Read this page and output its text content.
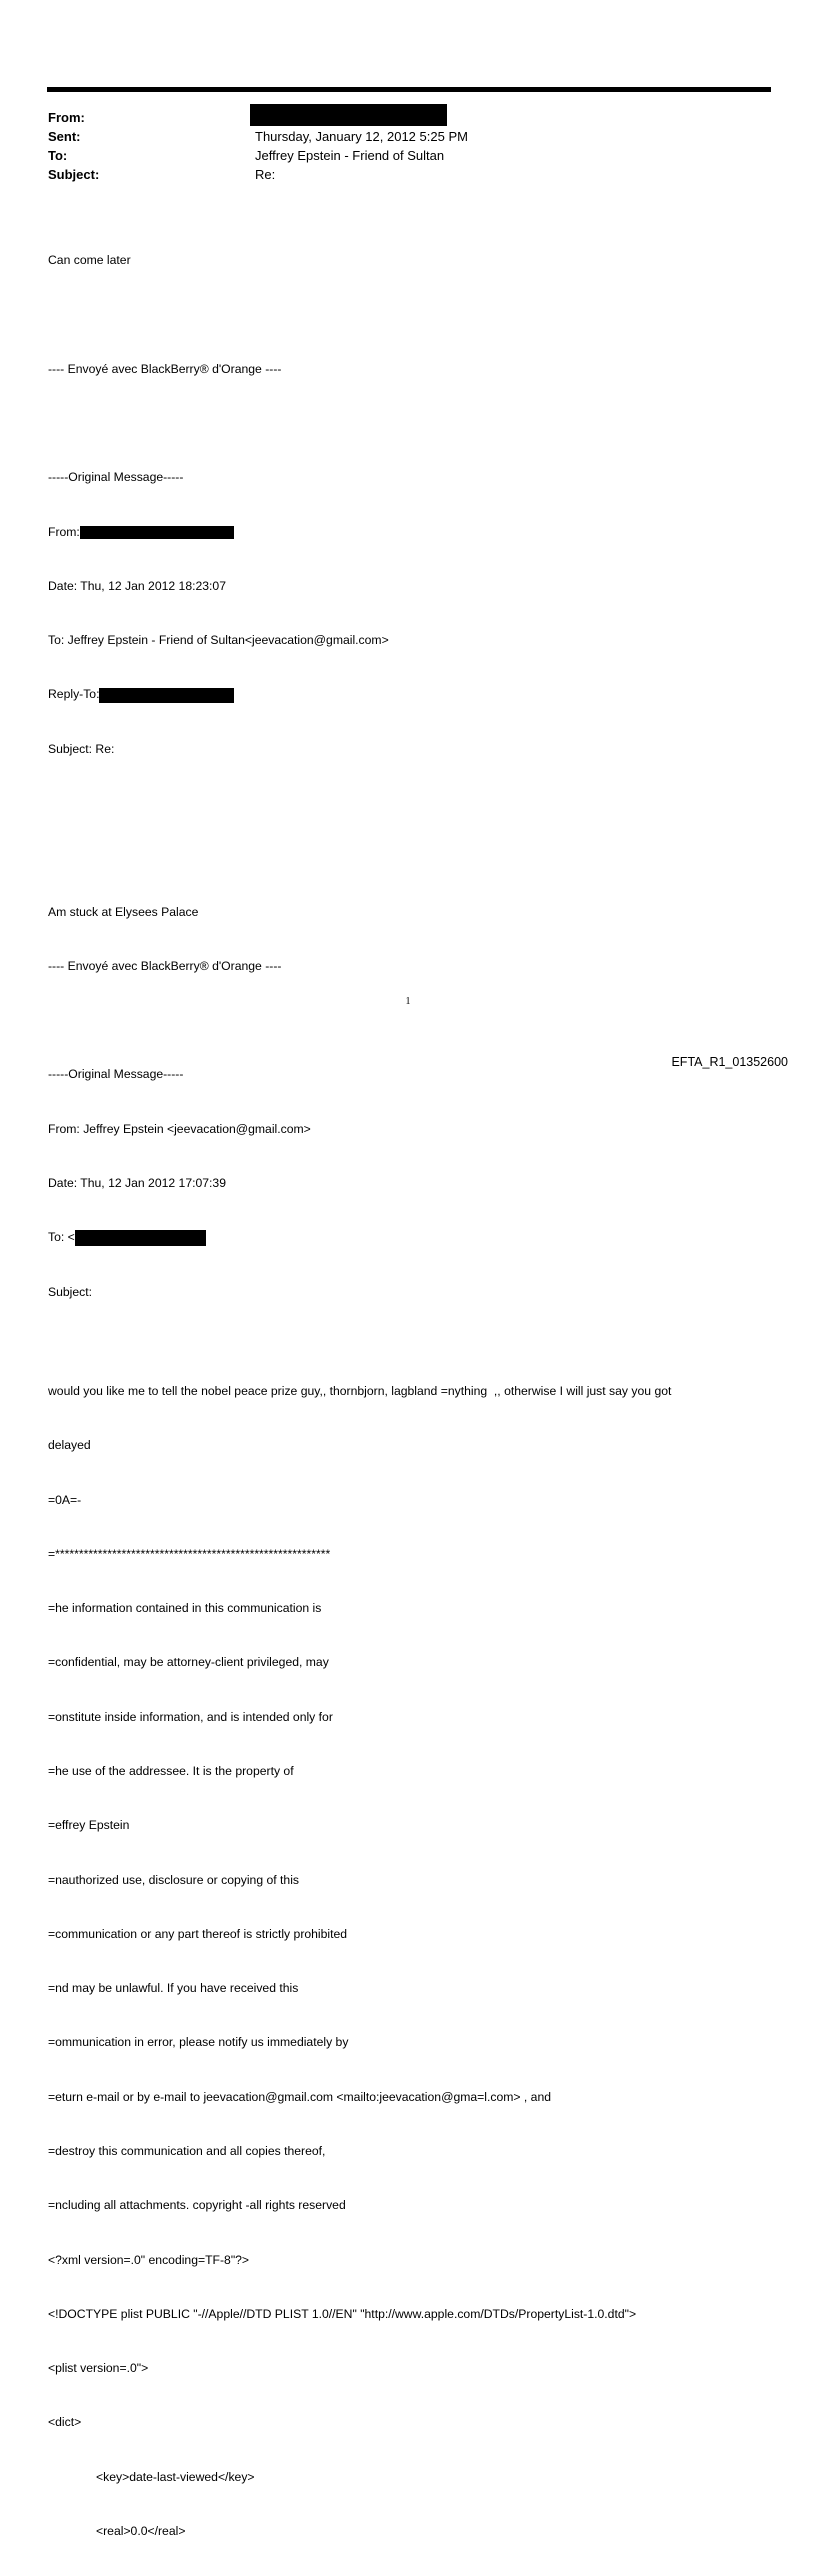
From:
Sent:	Thursday, January 12, 2012 5:25 PM
To:	Jeffrey Epstein - Friend of Sultan
Subject:	Re:

Can come later

---- Envoyé avec BlackBerry® d'Orange ----

-----Original Message-----

From:

Date: Thu, 12 Jan 2012 18:23:07

To: Jeffrey Epstein - Friend of Sultan<jeevacation@gmail.com>

Reply-To:

Subject: Re:

Am stuck at Elysees Palace

---- Envoyé avec BlackBerry® d'Orange ----

-----Original Message-----

From: Jeffrey Epstein <jeevacation@gmail.com>

Date: Thu, 12 Jan 2012 17:07:39

To: <

Subject:

would you like me to tell the nobel peace prize guy,, thornbjorn, lagbland =nything  ,, otherwise I will just say you got

delayed

=0A=-

=**********************************************************

=he information contained in this communication is

=confidential, may be attorney-client privileged, may

=onstitute inside information, and is intended only for

=he use of the addressee. It is the property of

=effrey Epstein

=nauthorized use, disclosure or copying of this

=communication or any part thereof is strictly prohibited

=nd may be unlawful. If you have received this

=ommunication in error, please notify us immediately by

=eturn e-mail or by e-mail to jeevacation@gmail.com <mailto:jeevacation@gma=l.com> , and

=destroy this communication and all copies thereof,

=ncluding all attachments. copyright -all rights reserved

<?xml version=.0" encoding=TF-8"?>

<!DOCTYPE plist PUBLIC "-//Apple//DTD PLIST 1.0//EN" "http://www.apple.com/DTDs/PropertyList-1.0.dtd">

<plist version=.0">

<dict>

<key>date-last-viewed</key>

<real>0.0</real>

1
EFTA_R1_01352600
